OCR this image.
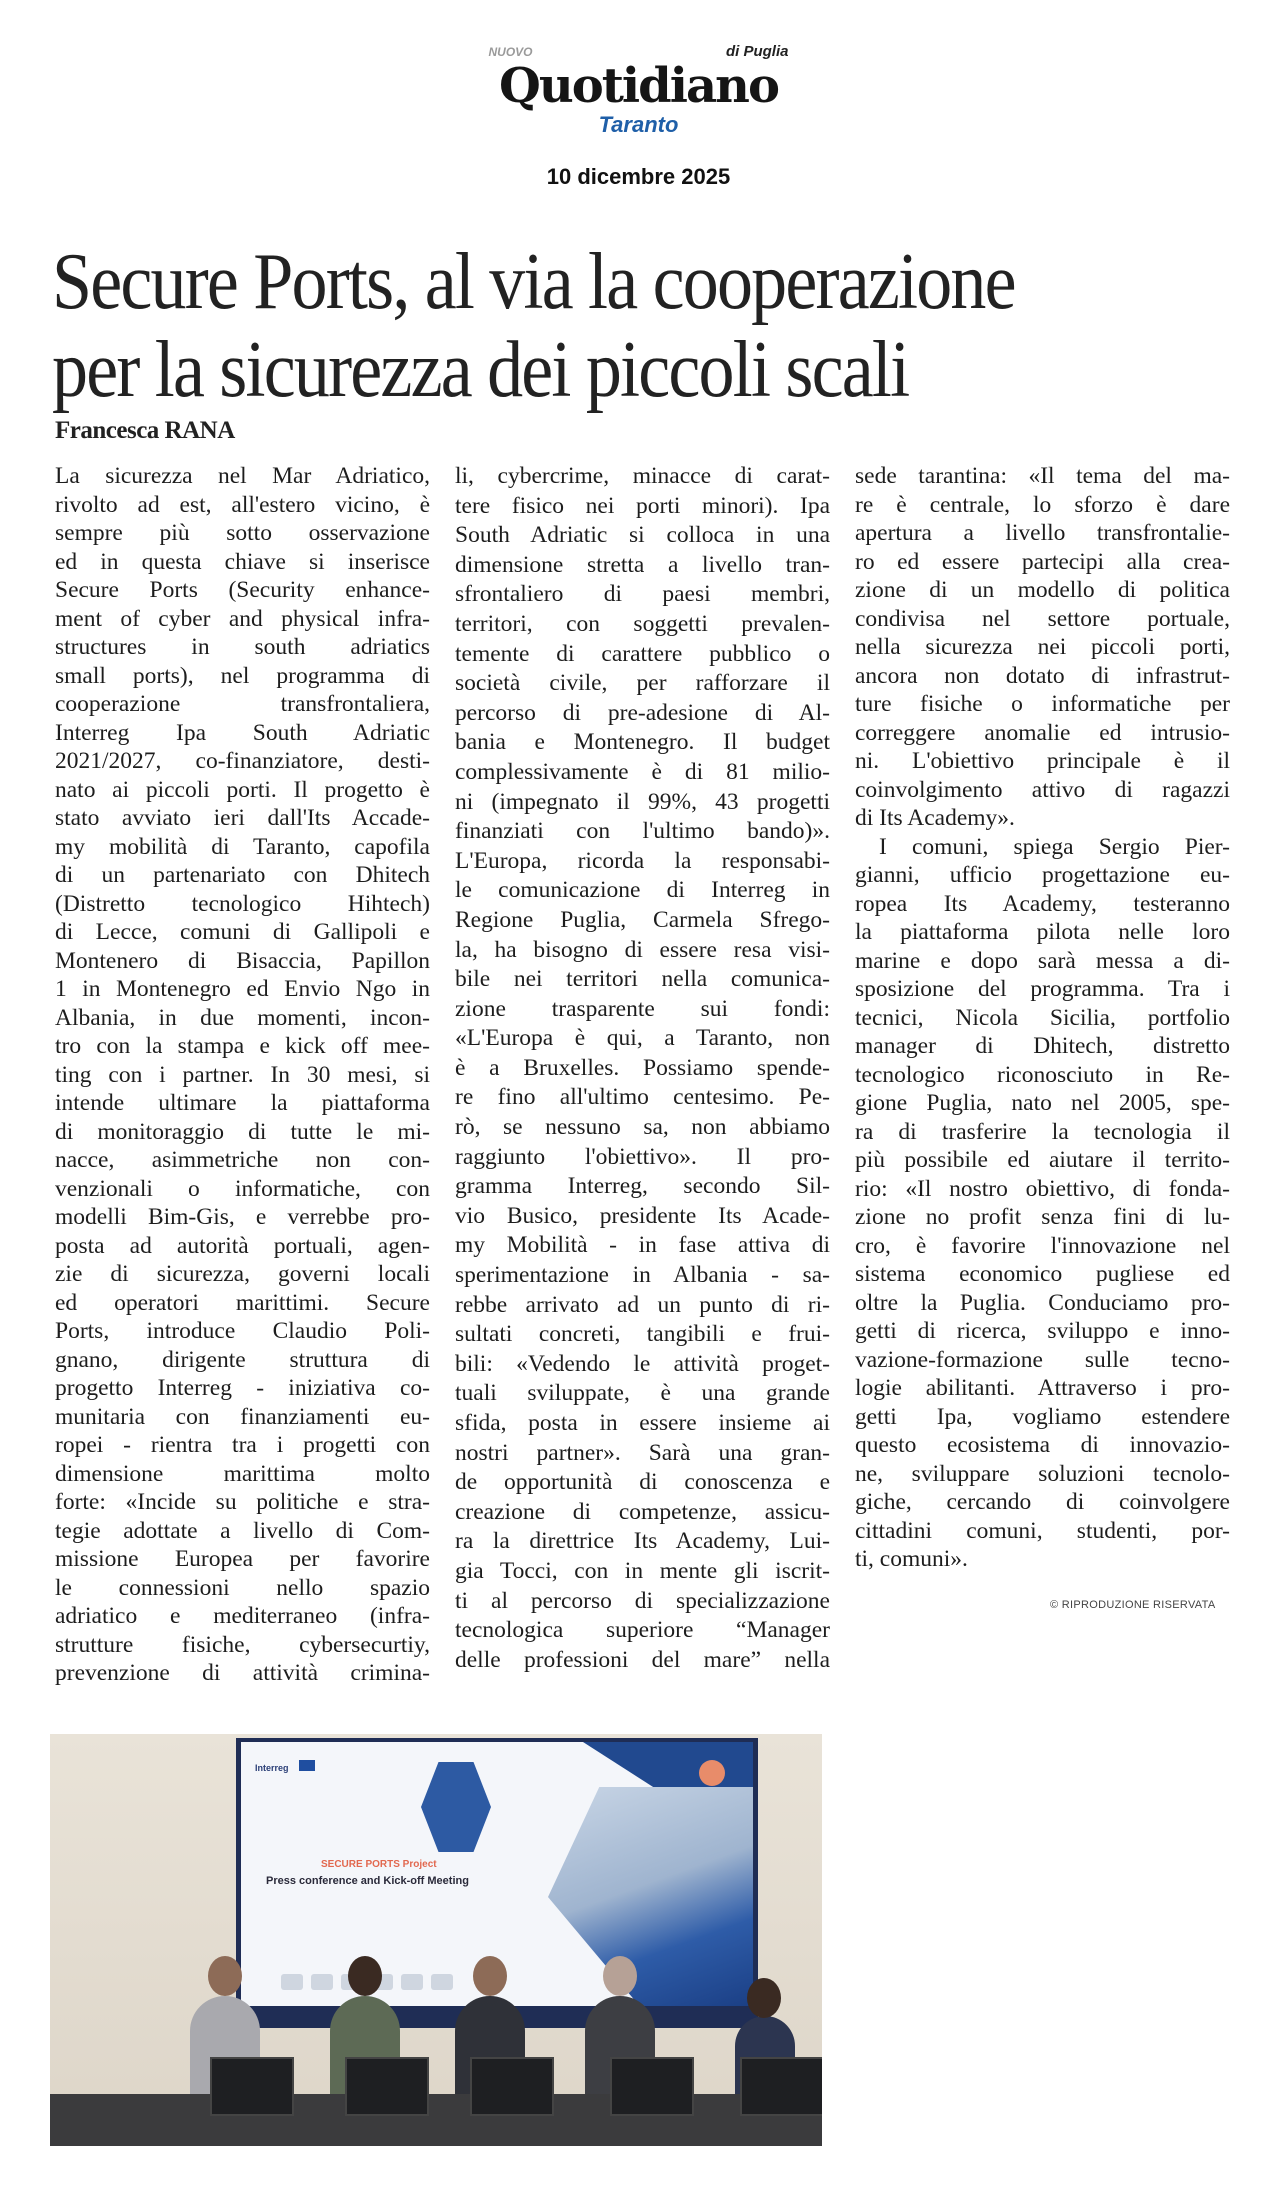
NUOVO	di Puglia
Quotidiano
Taranto
10 dicembre 2025
Secure Ports, al via la cooperazione
per la sicurezza dei piccoli scali
Francesca RANA
La sicurezza nel Mar Adriatico,
rivolto ad est, all'estero vicino, è
sempre più sotto osservazione
ed in questa chiave si inserisce
Secure Ports (Security enhance-
ment of cyber and physical infra-
structures in south adriatics
small ports), nel programma di
cooperazione transfrontaliera,
Interreg Ipa South Adriatic
2021/2027, co-finanziatore, desti-
nato ai piccoli porti. Il progetto è
stato avviato ieri dall'Its Accade-
my mobilità di Taranto, capofila
di un partenariato con Dhitech
(Distretto tecnologico Hihtech)
di Lecce, comuni di Gallipoli e
Montenero di Bisaccia, Papillon
1 in Montenegro ed Envio Ngo in
Albania, in due momenti, incon-
tro con la stampa e kick off mee-
ting con i partner. In 30 mesi, si
intende ultimare la piattaforma
di monitoraggio di tutte le mi-
nacce, asimmetriche non con-
venzionali o informatiche, con
modelli Bim-Gis, e verrebbe pro-
posta ad autorità portuali, agen-
zie di sicurezza, governi locali
ed operatori marittimi. Secure
Ports, introduce Claudio Poli-
gnano, dirigente struttura di
progetto Interreg - iniziativa co-
munitaria con finanziamenti eu-
ropei - rientra tra i progetti con
dimensione marittima molto
forte: «Incide su politiche e stra-
tegie adottate a livello di Com-
missione Europea per favorire
le connessioni nello spazio
adriatico e mediterraneo (infra-
strutture fisiche, cybersecurtiy,
prevenzione di attività crimina-
li, cybercrime, minacce di carat-
tere fisico nei porti minori). Ipa
South Adriatic si colloca in una
dimensione stretta a livello tran-
sfrontaliero di paesi membri,
territori, con soggetti prevalen-
temente di carattere pubblico o
società civile, per rafforzare il
percorso di pre-adesione di Al-
bania e Montenegro. Il budget
complessivamente è di 81 milio-
ni (impegnato il 99%, 43 progetti
finanziati con l'ultimo bando)».
L'Europa, ricorda la responsabi-
le comunicazione di Interreg in
Regione Puglia, Carmela Sfrego-
la, ha bisogno di essere resa visi-
bile nei territori nella comunica-
zione trasparente sui fondi:
«L'Europa è qui, a Taranto, non
è a Bruxelles. Possiamo spende-
re fino all'ultimo centesimo. Pe-
rò, se nessuno sa, non abbiamo
raggiunto l'obiettivo». Il pro-
gramma Interreg, secondo Sil-
vio Busico, presidente Its Acade-
my Mobilità - in fase attiva di
sperimentazione in Albania - sa-
rebbe arrivato ad un punto di ri-
sultati concreti, tangibili e frui-
bili: «Vedendo le attività proget-
tuali sviluppate, è una grande
sfida, posta in essere insieme ai
nostri partner». Sarà una gran-
de opportunità di conoscenza e
creazione di competenze, assicu-
ra la direttrice Its Academy, Lui-
gia Tocci, con in mente gli iscrit-
ti al percorso di specializzazione
tecnologica superiore “Manager
delle professioni del mare” nella
sede tarantina: «Il tema del ma-
re è centrale, lo sforzo è dare
apertura a livello transfrontalie-
ro ed essere partecipi alla crea-
zione di un modello di politica
condivisa nel settore portuale,
nella sicurezza nei piccoli porti,
ancora non dotato di infrastrut-
ture fisiche o informatiche per
correggere anomalie ed intrusio-
ni. L'obiettivo principale è il
coinvolgimento attivo di ragazzi
di Its Academy».
I comuni, spiega Sergio Pier-
gianni, ufficio progettazione eu-
ropea Its Academy, testeranno
la piattaforma pilota nelle loro
marine e dopo sarà messa a di-
sposizione del programma. Tra i
tecnici, Nicola Sicilia, portfolio
manager di Dhitech, distretto
tecnologico riconosciuto in Re-
gione Puglia, nato nel 2005, spe-
ra di trasferire la tecnologia il
più possibile ed aiutare il territo-
rio: «Il nostro obiettivo, di fonda-
zione no profit senza fini di lu-
cro, è favorire l'innovazione nel
sistema economico pugliese ed
oltre la Puglia. Conduciamo pro-
getti di ricerca, sviluppo e inno-
vazione-formazione sulle tecno-
logie abilitanti. Attraverso i pro-
getti Ipa, vogliamo estendere
questo ecosistema di innovazio-
ne, sviluppare soluzioni tecnolo-
giche, cercando di coinvolgere
cittadini comuni, studenti, por-
ti, comuni».
© RIPRODUZIONE RISERVATA
Interreg
SECURE PORTS Project
Press conference and Kick-off Meeting
